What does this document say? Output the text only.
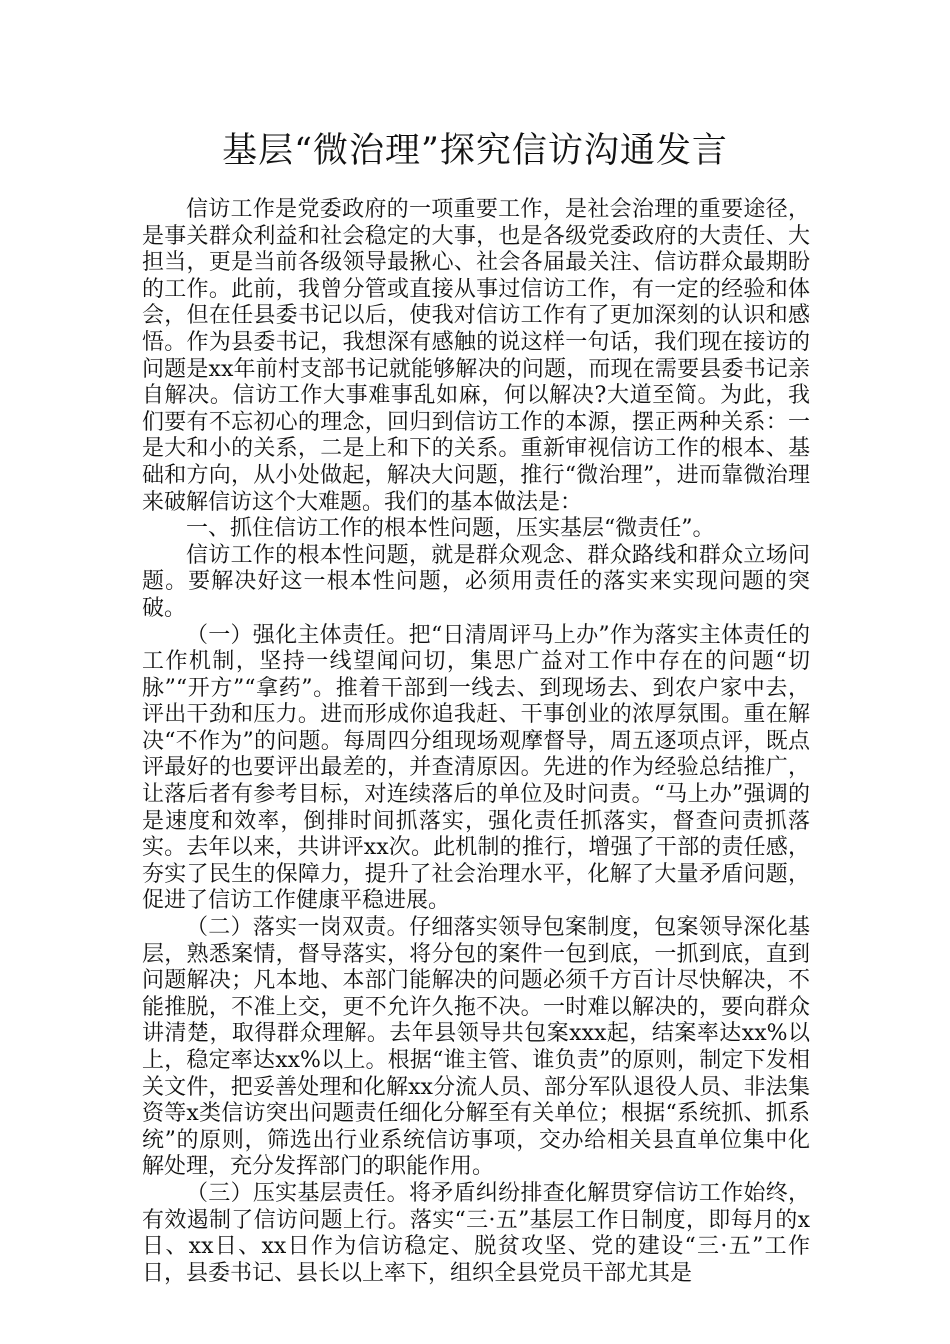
基层“微治理”探究信访沟通发言

信访工作是党委政府的一项重要工作，是社会治理的重要途径，是事关群众利益和社会稳定的大事，也是各级党委政府的大责任、大担当，更是当前各级领导最揪心、社会各届最关注、信访群众最期盼的工作。此前，我曾分管或直接从事过信访工作，有一定的经验和体会，但在任县委书记以后，使我对信访工作有了更加深刻的认识和感悟。作为县委书记，我想深有感触的说这样一句话，我们现在接访的问题是xx年前村支部书记就能够解决的问题，而现在需要县委书记亲自解决。信访工作大事难事乱如麻，何以解决?大道至简。为此，我们要有不忘初心的理念，回归到信访工作的本源，摆正两种关系：一是大和小的关系，二是上和下的关系。重新审视信访工作的根本、基础和方向，从小处做起，解决大问题，推行“微治理”，进而靠微治理来破解信访这个大难题。我们的基本做法是：

一、抓住信访工作的根本性问题，压实基层“微责任”。

信访工作的根本性问题，就是群众观念、群众路线和群众立场问题。要解决好这一根本性问题，必须用责任的落实来实现问题的突破。

（一）强化主体责任。把“日清周评马上办”作为落实主体责任的工作机制，坚持一线望闻问切，集思广益对工作中存在的问题“切脉”“开方”“拿药”。推着干部到一线去、到现场去、到农户家中去，评出干劲和压力。进而形成你追我赶、干事创业的浓厚氛围。重在解决“不作为”的问题。每周四分组现场观摩督导，周五逐项点评，既点评最好的也要评出最差的，并查清原因。先进的作为经验总结推广，让落后者有参考目标，对连续落后的单位及时问责。“马上办”强调的是速度和效率，倒排时间抓落实，强化责任抓落实，督查问责抓落实。去年以来，共讲评xx次。此机制的推行，增强了干部的责任感，夯实了民生的保障力，提升了社会治理水平，化解了大量矛盾问题，促进了信访工作健康平稳进展。

（二）落实一岗双责。仔细落实领导包案制度，包案领导深化基层，熟悉案情，督导落实，将分包的案件一包到底，一抓到底，直到问题解决；凡本地、本部门能解决的问题必须千方百计尽快解决，不能推脱，不准上交，更不允许久拖不决。一时难以解决的，要向群众讲清楚，取得群众理解。去年县领导共包案xxx起，结案率达xx%以上，稳定率达xx%以上。根据“谁主管、谁负责”的原则，制定下发相关文件，把妥善处理和化解xx分流人员、部分军队退役人员、非法集资等x类信访突出问题责任细化分解至有关单位；根据“系统抓、抓系统”的原则，筛选出行业系统信访事项，交办给相关县直单位集中化解处理，充分发挥部门的职能作用。

（三）压实基层责任。将矛盾纠纷排查化解贯穿信访工作始终，有效遏制了信访问题上行。落实“三·五”基层工作日制度，即每月的x日、xx日、xx日作为信访稳定、脱贫攻坚、党的建设“三·五”工作日，县委书记、县长以上率下，组织全县党员干部尤其是
